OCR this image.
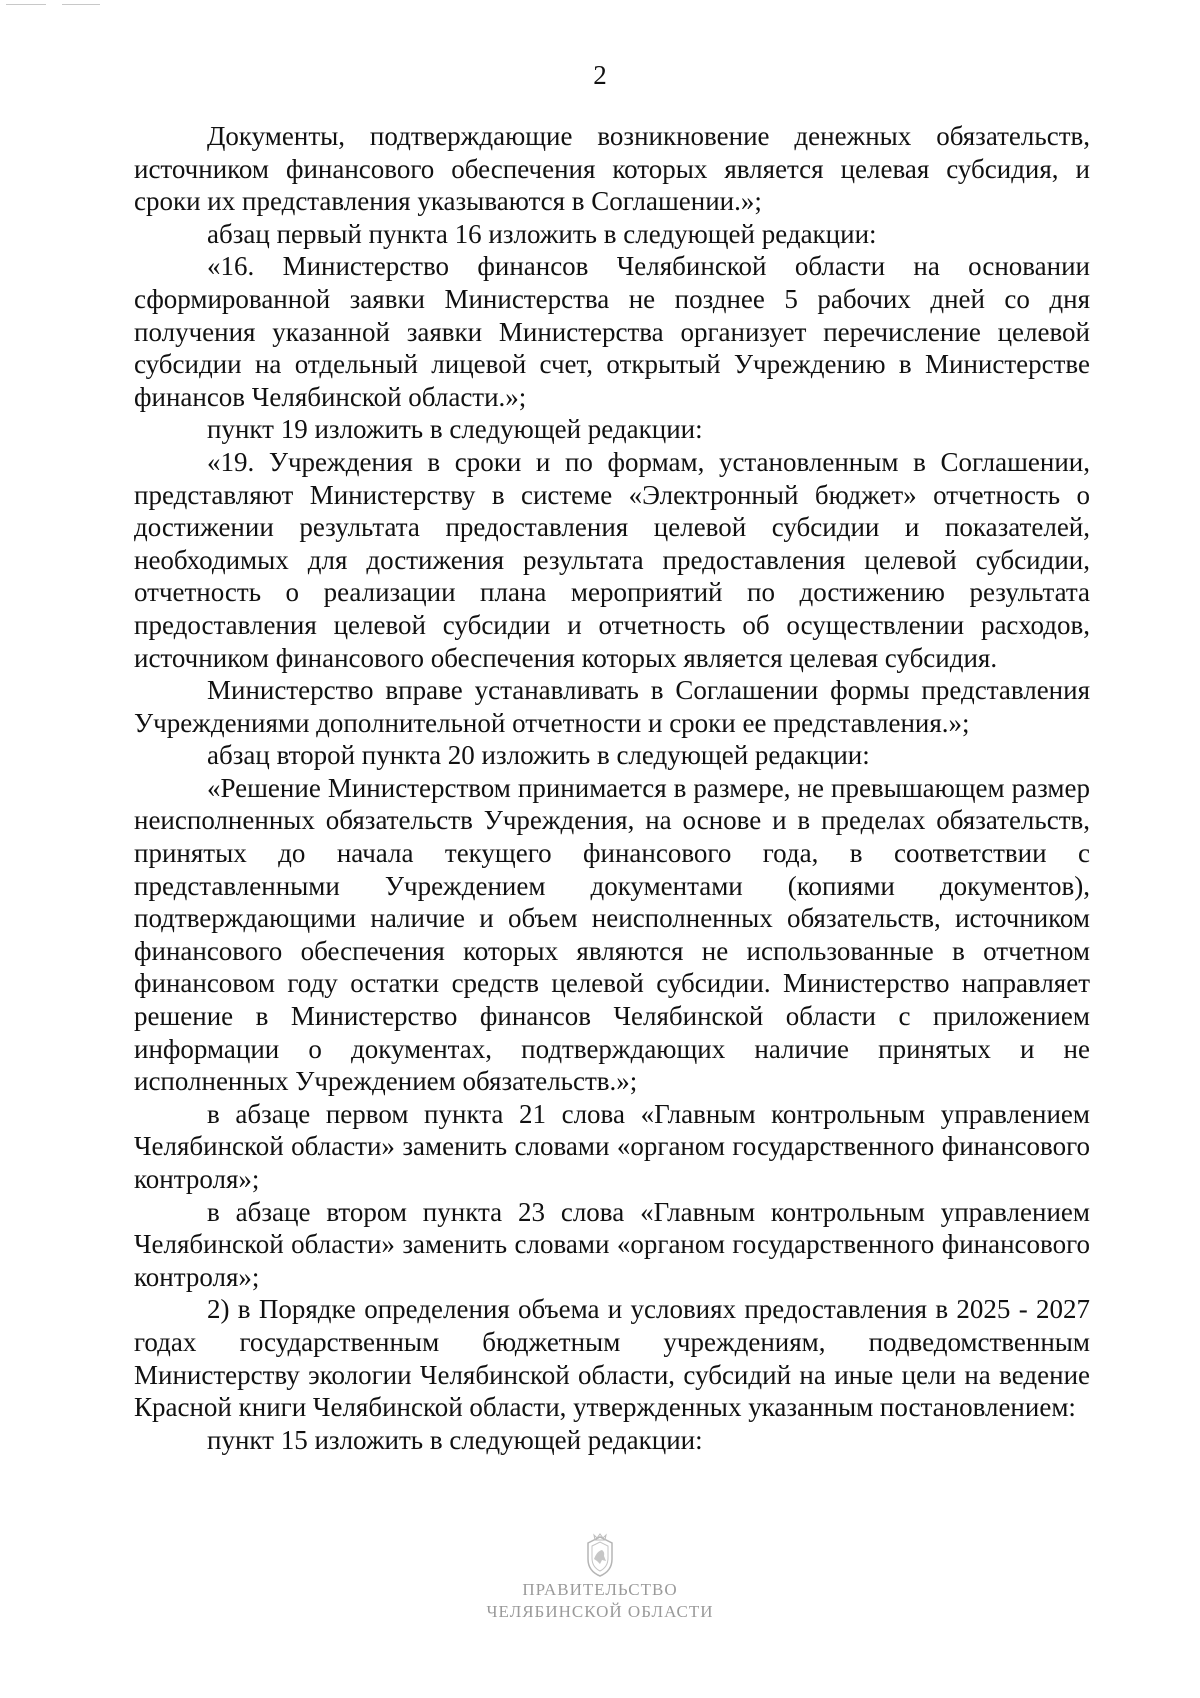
2

Документы, подтверждающие возникновение денежных обязательств, источником финансового обеспечения которых является целевая субсидия, и сроки их представления указываются в Соглашении.»;

абзац первый пункта 16 изложить в следующей редакции:

«16. Министерство финансов Челябинской области на основании сформированной заявки Министерства не позднее 5 рабочих дней со дня получения указанной заявки Министерства организует перечисление целевой субсидии на отдельный лицевой счет, открытый Учреждению в Министерстве финансов Челябинской области.»;

пункт 19 изложить в следующей редакции:

«19. Учреждения в сроки и по формам, установленным в Соглашении, представляют Министерству в системе «Электронный бюджет» отчетность о достижении результата предоставления целевой субсидии и показателей, необходимых для достижения результата предоставления целевой субсидии, отчетность о реализации плана мероприятий по достижению результата предоставления целевой субсидии и отчетность об осуществлении расходов, источником финансового обеспечения которых является целевая субсидия.

Министерство вправе устанавливать в Соглашении формы представления Учреждениями дополнительной отчетности и сроки ее представления.»;

абзац второй пункта 20 изложить в следующей редакции:

«Решение Министерством принимается в размере, не превышающем размер неисполненных обязательств Учреждения, на основе и в пределах обязательств, принятых до начала текущего финансового года, в соответствии с представленными Учреждением документами (копиями документов), подтверждающими наличие и объем неисполненных обязательств, источником финансового обеспечения которых являются не использованные в отчетном финансовом году остатки средств целевой субсидии. Министерство направляет решение в Министерство финансов Челябинской области с приложением информации о документах, подтверждающих наличие принятых и не исполненных Учреждением обязательств.»;

в абзаце первом пункта 21 слова «Главным контрольным управлением Челябинской области» заменить словами «органом государственного финансового контроля»;

в абзаце втором пункта 23 слова «Главным контрольным управлением Челябинской области» заменить словами «органом государственного финансового контроля»;

2) в Порядке определения объема и условиях предоставления в 2025 - 2027 годах государственным бюджетным учреждениям, подведомственным Министерству экологии Челябинской области, субсидий на иные цели на ведение Красной книги Челябинской области, утвержденных указанным постановлением:

пункт 15 изложить в следующей редакции:

ПРАВИТЕЛЬСТВО
ЧЕЛЯБИНСКОЙ ОБЛАСТИ
